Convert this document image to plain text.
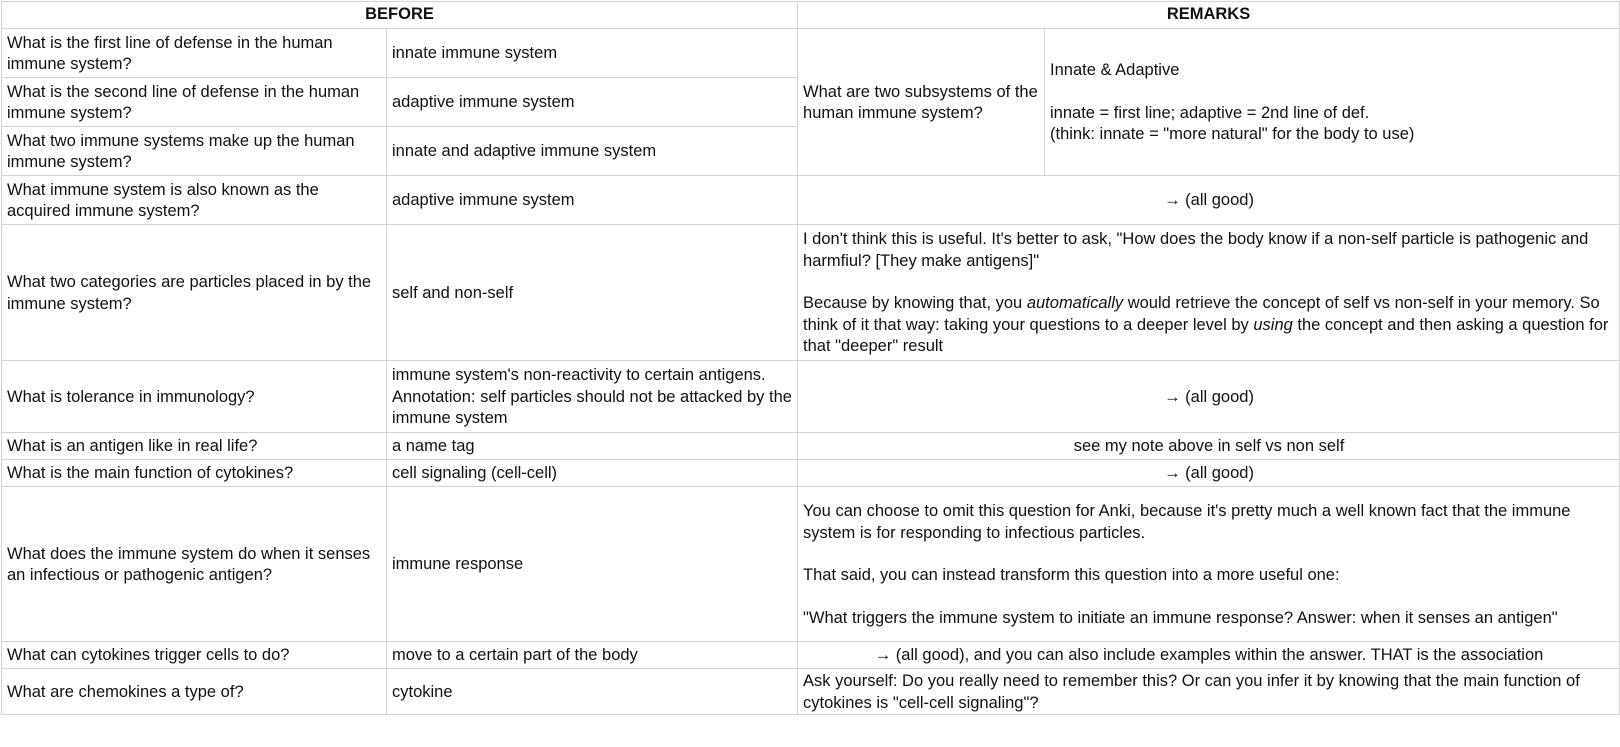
BEFORE		REMARKS	
What is the first line of defense in the human immune system?	innate immune system	What are two subsystems of the human immune system?	Innate & Adaptive
innate = first line; adaptive = 2nd line of def.
(think: innate = "more natural" for the body to use)

What is the second line of defense in the human immune system?	adaptive immune system		
What two immune systems make up the human immune system?	innate and adaptive immune system		
What immune system is also known as the acquired immune system?	adaptive immune system	→ (all good)	
What two categories are particles placed in by the immune system?	self and non-self	I don't think this is useful. It's better to ask, "How does the body know if a non-self particle is pathogenic and harmfiul? [They make antigens]"
Because by knowing that, you automatically would retrieve the concept of self vs non-self in your memory. So think of it that way: taking your questions to a deeper level by using the concept and then asking a question for that "deeper" result	

What is tolerance in immunology?	immune system's non-reactivity to certain antigens. Annotation: self particles should not be attacked by the immune system	→ (all good)	
What is an antigen like in real life?	a name tag	see my note above in self vs non self	
What is the main function of cytokines?	cell signaling (cell-cell)	→ (all good)	
What does the immune system do when it senses an infectious or pathogenic antigen?	immune response	You can choose to omit this question for Anki, because it's pretty much a well known fact that the immune system is for responding to infectious particles.
That said, you can instead transform this question into a more useful one:
"What triggers the immune system to initiate an immune response? Answer: when it senses an antigen"	

What can cytokines trigger cells to do?	move to a certain part of the body	→ (all good), and you can also include examples within the answer. THAT is the association	
What are chemokines a type of?	cytokine	Ask yourself: Do you really need to remember this? Or can you infer it by knowing that the main function of cytokines is "cell-cell signaling"?	
